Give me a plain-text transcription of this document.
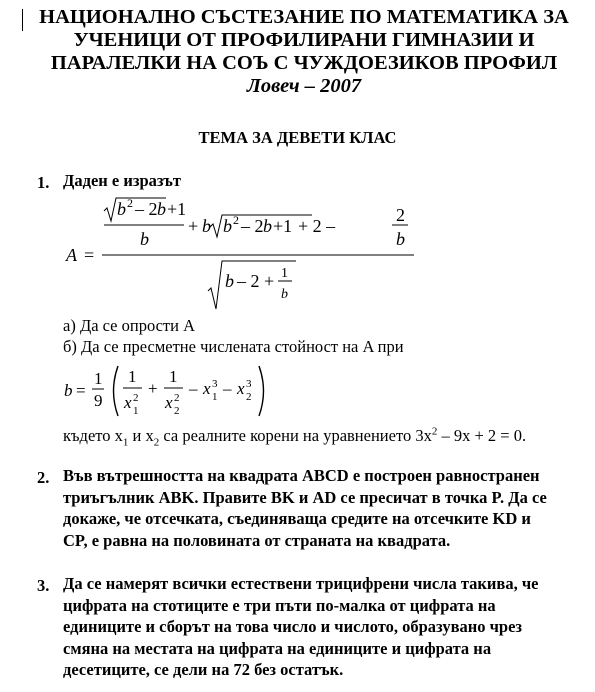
НАЦИОНАЛНО СЪСТЕЗАНИЕ ПО МАТЕМАТИКА ЗА
УЧЕНИЦИ ОТ ПРОФИЛИРАНИ ГИМНАЗИИ И
ПАРАЛЕЛКИ НА СОЪ С ЧУЖДОЕЗИКОВ ПРОФИЛ
Ловеч – 2007
ТЕМА ЗА ДЕВЕТИ КЛАС
1. Даден е изразът
A =
b 2 – 2 b +1
b
+ b b 2 – 2 b +1 + 2 –
2
b
b – 2 + 1
b
а) Да се опрости A
б) Да се пресметне числената стойност на A при
b =
1
9
1
x 2
1
+
1
x 2
2
– x 3
1 – x 3
2
където $x_1$ и $x_2$ са реалните корени на уравнението $3x^2 - 9x + 2 = 0$.
2. Във вътрешността на квадрата ABCD е построен равностранен
триъгълник ABK. Правите BK и AD се пресичат в точка P. Да се
докаже, че отсечката, съединяваща средите на отсечките KD и
CP, е равна на половината от страната на квадрата.
3. Да се намерят всички естествени трицифрени числа такива, че
цифрата на стотиците е три пъти по-малка от цифрата на
единиците и сборът на това число и числото, образувано чрез
смяна на местата на цифрата на единиците и цифрата на
десетиците, се дели на 72 без остатък.
